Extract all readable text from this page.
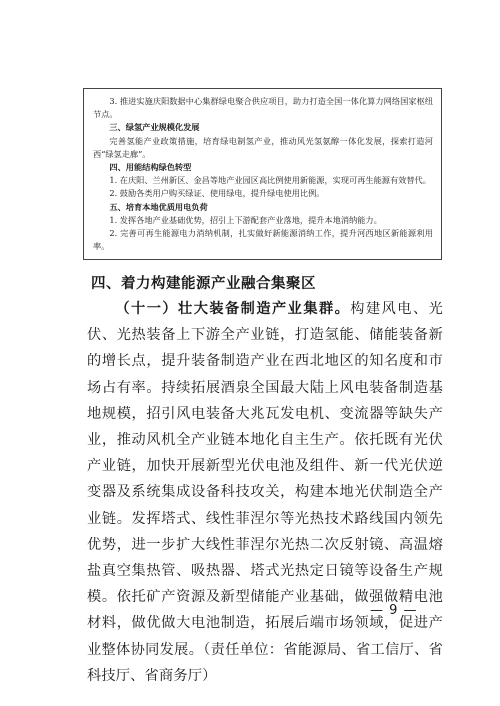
3. 推进实施庆阳数据中心集群绿电聚合供应项目，助力打造全国一体化算力网络国家枢纽节点。

三、绿氢产业规模化发展

完善氢能产业政策措施，培育绿电制氢产业，推动风光氢氨醇一体化发展，探索打造河西“绿氢走廊”。

四、用能结构绿色转型

1. 在庆阳、兰州新区、金昌等地产业园区高比例使用新能源，实现可再生能源有效替代。

2. 鼓励各类用户购买绿证、使用绿电，提升绿电使用比例。

五、培育本地优质用电负荷

1. 发挥各地产业基础优势，招引上下游配套产业落地，提升本地消纳能力。

2. 完善可再生能源电力消纳机制，扎实做好新能源消纳工作，提升河西地区新能源利用率。

四、着力构建能源产业融合集聚区

（十一）壮大装备制造产业集群。构建风电、光伏、光热装备上下游全产业链，打造氢能、储能装备新的增长点，提升装备制造产业在西北地区的知名度和市场占有率。持续拓展酒泉全国最大陆上风电装备制造基地规模，招引风电装备大兆瓦发电机、变流器等缺失产业，推动风机全产业链本地化自主生产。依托既有光伏产业链，加快开展新型光伏电池及组件、新一代光伏逆变器及系统集成设备科技攻关，构建本地光伏制造全产业链。发挥塔式、线性菲涅尔等光热技术路线国内领先优势，进一步扩大线性菲涅尔光热二次反射镜、高温熔盐真空集热管、吸热器、塔式光热定日镜等设备生产规模。依托矿产资源及新型储能产业基础，做强做精电池材料，做优做大电池制造，拓展后端市场领域，促进产业整体协同发展。（责任单位：省能源局、省工信厅、省科技厅、省商务厅）

— 9 —
